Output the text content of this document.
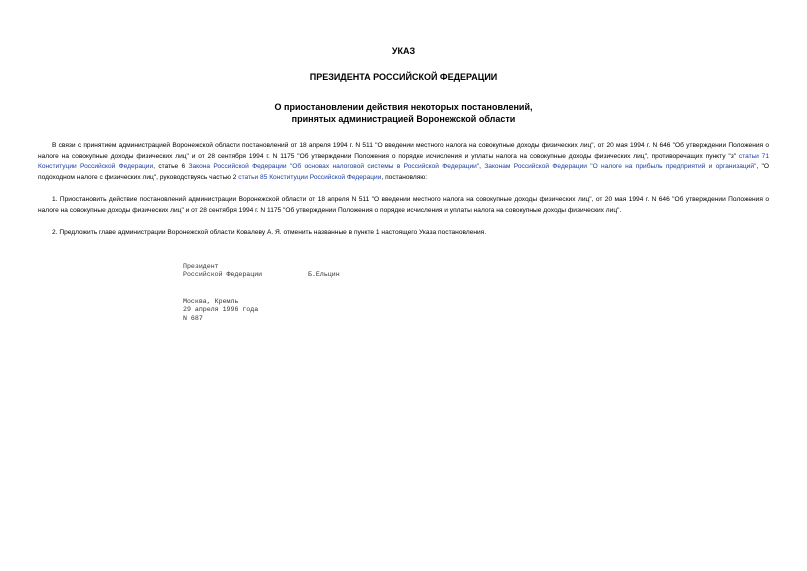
УКАЗ

ПРЕЗИДЕНТА РОССИЙСКОЙ ФЕДЕРАЦИИ

О приостановлении действия некоторых постановлений,

принятых администрацией Воронежской области

В связи с принятием администрацией Воронежской области постановлений от 18 апреля 1994 г. N 511 "О введении местного налога на совокупные доходы физических лиц", от 20 мая 1994 г. N 646 "Об утверждении Положения о налоге на совокупные доходы физических лиц" и от 28 сентября 1994 г. N 1175 "Об утверждении Положения о порядке исчисления и уплаты налога на совокупные доходы физических лиц", противоречащих пункту "з" статьи 71 Конституции Российской Федерации, статье 6 Закона Российской Федерации "Об основах налоговой системы в Российской Федерации", Законам Российской Федерации "О налоге на прибыль предприятий и организаций", "О подоходном налоге с физических лиц", руководствуясь частью 2 статьи 85 Конституции Российской Федерации, постановляю:

1. Приостановить действие постановлений администрации Воронежской области от 18 апреля N 511 "О введении местного налога на совокупные доходы физических лиц", от 20 мая 1994 г. N 646 "Об утверждении Положения о налоге на совокупные доходы физических лиц" и от 28 сентября 1994 г. N 1175 "Об утверждении Положения о порядке исчисления и уплаты налога на совокупные доходы физических лиц".

2. Предложить главе администрации Воронежской области Ковалеву А. Я. отменить названные в пункте 1 настоящего Указа постановления.

Президент
Российской Федерации	Б.Ельцин
Москва, Кремль
29 апреля 1996 года
N 687
